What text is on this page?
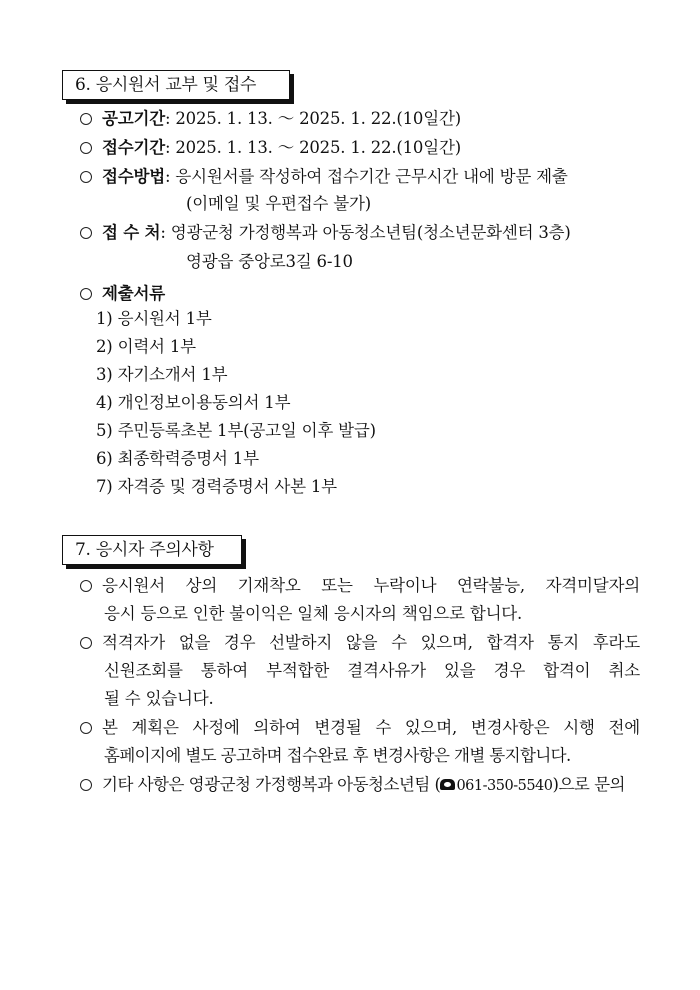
6. 응시원서 교부 및 접수
공고기간: 2025. 1. 13. ～ 2025. 1. 22.(10일간)
접수기간: 2025. 1. 13. ～ 2025. 1. 22.(10일간)
접수방법: 응시원서를 작성하여 접수기간 근무시간 내에 방문 제출
(이메일 및 우편접수 불가)
접 수 처: 영광군청 가정행복과 아동청소년팀(청소년문화센터 3층)
영광읍 중앙로3길 6-10
제출서류
1) 응시원서 1부
2) 이력서 1부
3) 자기소개서 1부
4) 개인정보이용동의서 1부
5) 주민등록초본 1부(공고일 이후 발급)
6) 최종학력증명서 1부
7) 자격증 및 경력증명서 사본 1부
7. 응시자 주의사항
응시원서 상의 기재착오 또는 누락이나 연락불능, 자격미달자의
응시 등으로 인한 불이익은 일체 응시자의 책임으로 합니다.
적격자가 없을 경우 선발하지 않을 수 있으며, 합격자 통지 후라도
신원조회를 통하여 부적합한 결격사유가 있을 경우 합격이 취소
될 수 있습니다.
본 계획은 사정에 의하여 변경될 수 있으며, 변경사항은 시행 전에
홈페이지에 별도 공고하며 접수완료 후 변경사항은 개별 통지합니다.
기타 사항은 영광군청 가정행복과 아동청소년팀 ( 061-350-5540)으로 문의
